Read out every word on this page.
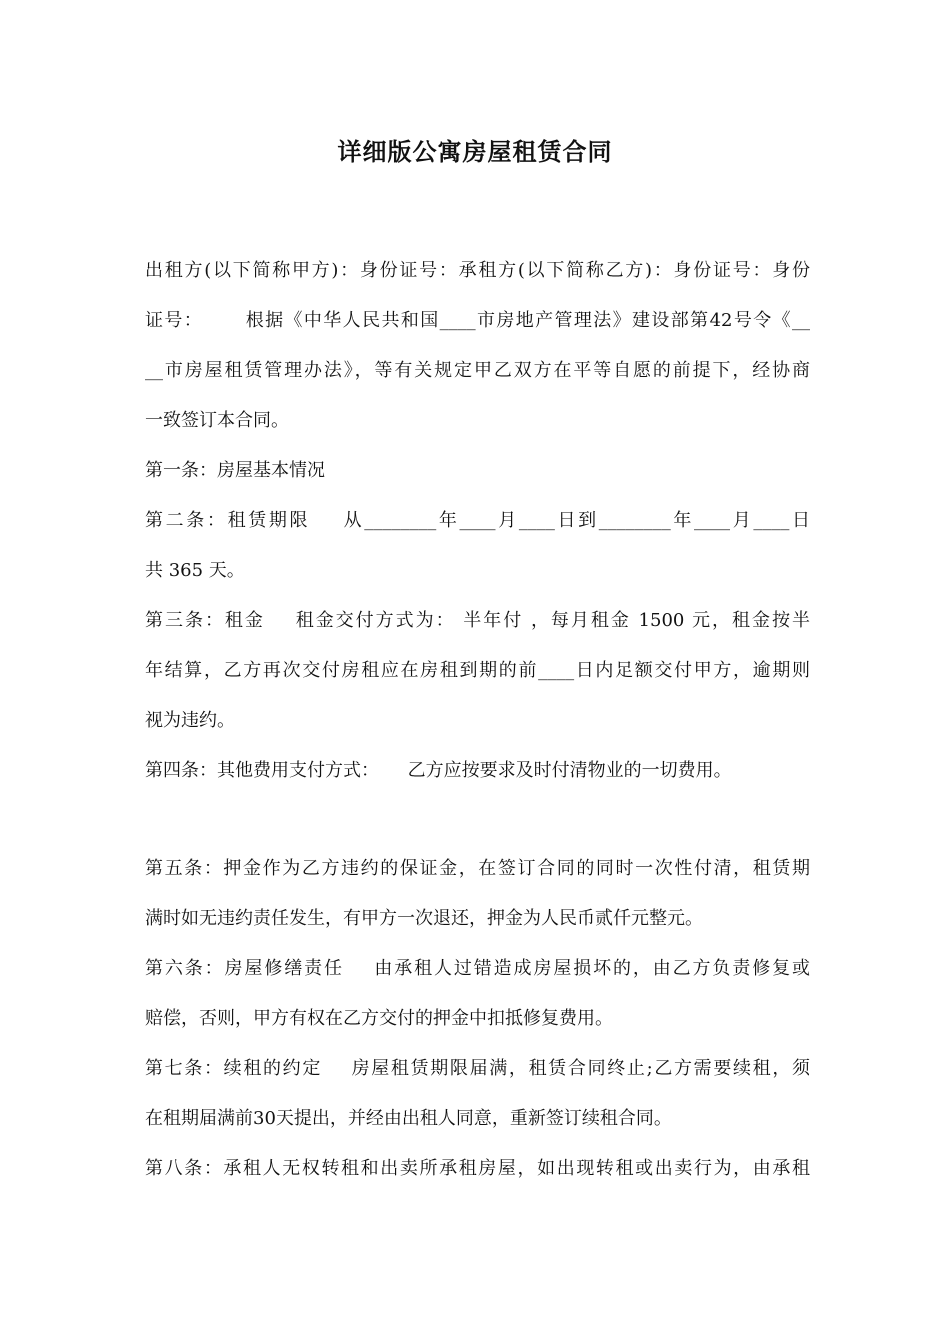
详细版公寓房屋租赁合同

出租方(以下简称甲方)：身份证号：承租方(以下简称乙方)：身份证号：身份

证号：      根据《中华人民共和国____市房地产管理法》建设部第42号令《__

__市房屋租赁管理办法》，等有关规定甲乙双方在平等自愿的前提下，经协商

一致签订本合同。

第一条：房屋基本情况

第二条：租赁期限    从________年____月____日到________年____月____日

共 365 天。

第三条：租金    租金交付方式为： 半年付 ，每月租金 1500 元，租金按半

年结算，乙方再次交付房租应在房租到期的前____日内足额交付甲方，逾期则

视为违约。

第四条：其他费用支付方式：     乙方应按要求及时付清物业的一切费用。

第五条：押金作为乙方违约的保证金，在签订合同的同时一次性付清，租赁期

满时如无违约责任发生，有甲方一次退还，押金为人民币贰仟元整元。

第六条：房屋修缮责任    由承租人过错造成房屋损坏的，由乙方负责修复或

赔偿，否则，甲方有权在乙方交付的押金中扣抵修复费用。

第七条：续租的约定    房屋租赁期限届满，租赁合同终止;乙方需要续租，须

在租期届满前30天提出，并经由出租人同意，重新签订续租合同。

第八条：承租人无权转租和出卖所承租房屋，如出现转租或出卖行为，由承租
